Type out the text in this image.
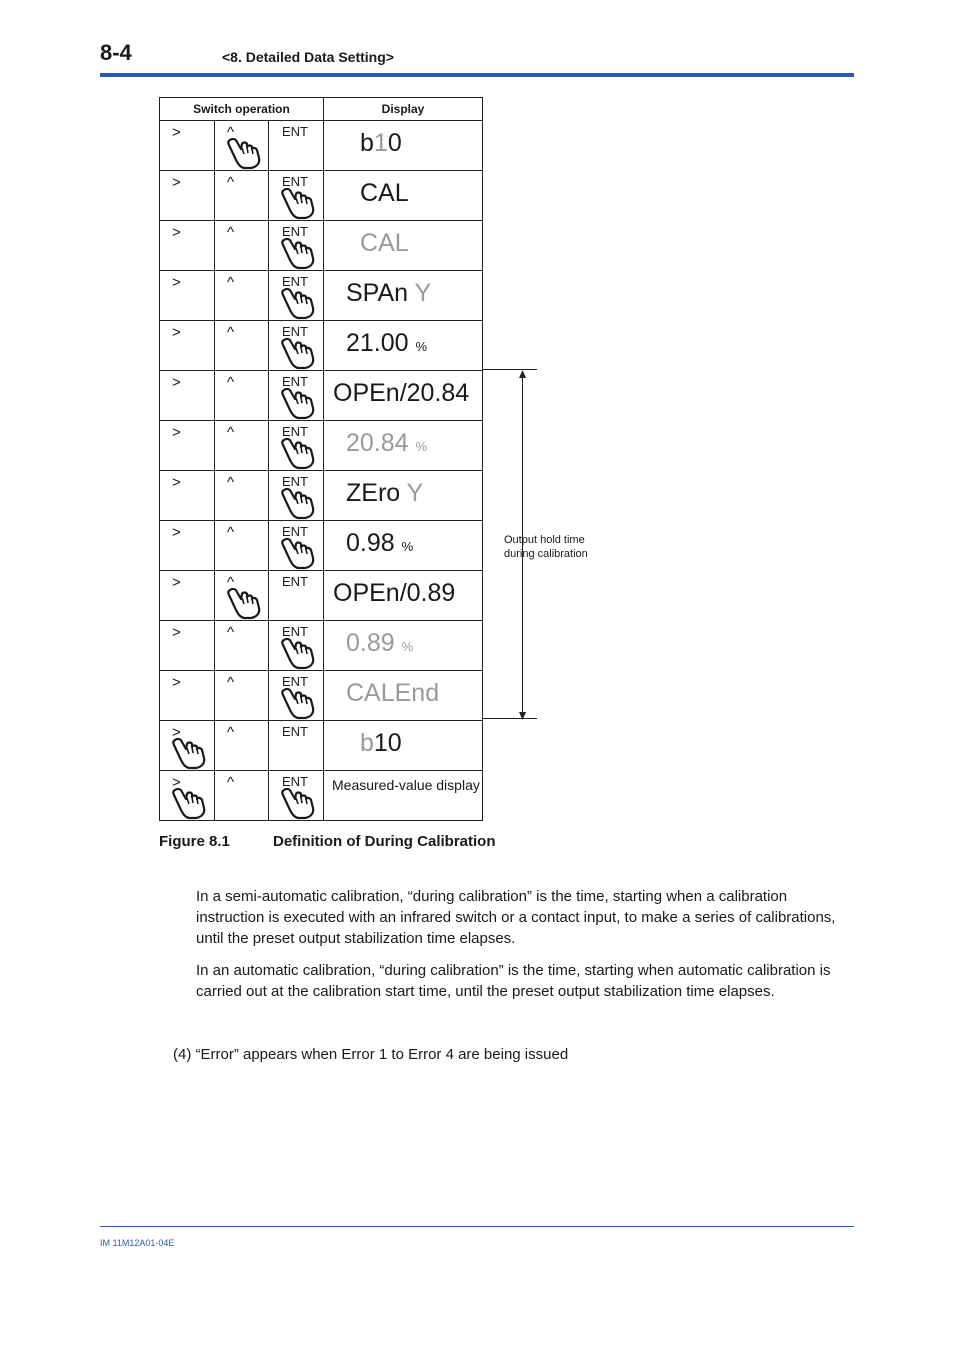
8-4	<8. Detailed Data Setting>
Switch operation			Display

>	^	ENT	b10

>	^	ENT	CAL

>	^	ENT	CAL

>	^	ENT	SPAn Y

>	^	ENT	21.00 %

>	^	ENT	OPEn/20.84

>	^	ENT	20.84 %

>	^	ENT	ZEro Y

>	^	ENT	0.98 %

>	^	ENT	OPEn/0.89

>	^	ENT	0.89 %

>	^	ENT	CALEnd

>	^	ENT	b10

>	^	ENT	Measured-value display
Output hold time
during calibration
Figure 8.1	Definition of During Calibration
In a semi-automatic calibration, “during calibration” is the time, starting when a calibration instruction is executed with an infrared switch or a contact input, to make a series of calibrations, until the preset output stabilization time elapses.
In an automatic calibration, “during calibration” is the time, starting when automatic calibration is carried out at the calibration start time, until the preset output stabilization time elapses.
(4) “Error” appears when Error 1 to Error 4 are being issued
IM 11M12A01-04E
